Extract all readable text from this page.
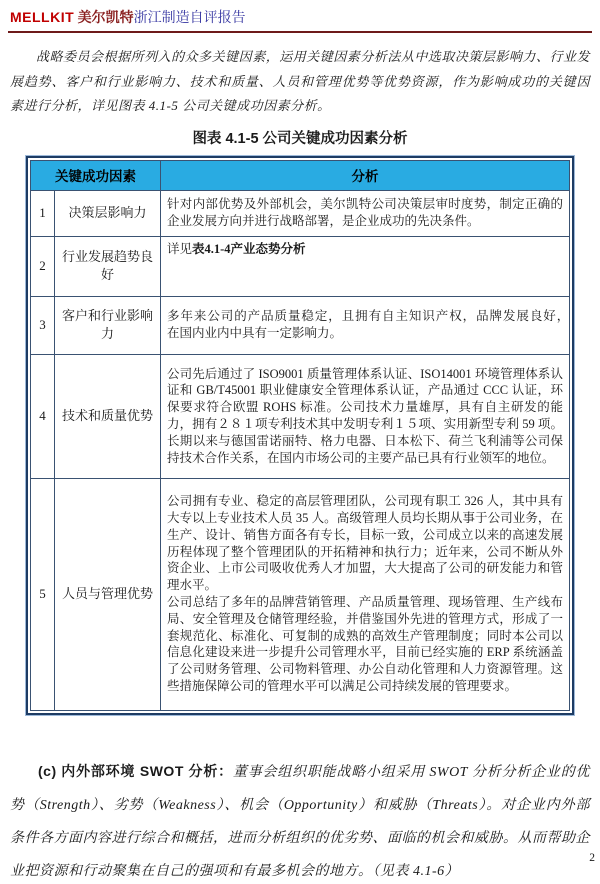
MELLKIT 美尔凯特浙江制造自评报告

战略委员会根据所列入的众多关键因素，运用关键因素分析法从中选取决策层影响力、行业发展趋势、客户和行业影响力、技术和质量、人员和管理优势等优势资源，作为影响成功的关键因素进行分析，详见图表 4.1-5 公司关键成功因素分析。

图表 4.1-5 公司关键成功因素分析
关键成功因素		分析
1	决策层影响力	针对内部优势及外部机会，美尔凯特公司决策层审时度势，制定正确的企业发展方向并进行战略部署，是企业成功的先决条件。
2	行业发展趋势良好	详见表4.1-4产业态势分析
3	客户和行业影响力	多年来公司的产品质量稳定，且拥有自主知识产权，品牌发展良好，　　在国内业内中具有一定影响力。
4	技术和质量优势	公司先后通过了 ISO9001 质量管理体系认证、ISO14001 环境管理体系认证和 GB/T45001 职业健康安全管理体系认证，产品通过 CCC 认证，环保要求符合欧盟 ROHS 标准。公司技术力量雄厚，具有自主研发的能力，拥有２８１项专利技术其中发明专利１５项、实用新型专利 59 项。长期以来与德国雷诺丽特、格力电器、日本松下、荷兰飞利浦等公司保持技术合作关系，在国内市场公司的主要产品已具有行业领军的地位。
5	人员与管理优势	公司拥有专业、稳定的高层管理团队，公司现有职工 326 人，其中具有大专以上专业技术人员 35 人。高级管理人员均长期从事于公司业务，在生产、设计、销售方面各有专长，目标一致，公司成立以来的高速发展历程体现了整个管理团队的开拓精神和执行力；近年来，公司不断从外资企业、上市公司吸收优秀人才加盟，大大提高了公司的研发能力和管理水平。
公司总结了多年的品牌营销管理、产品质量管理、现场管理、生产线布局、安全管理及仓储管理经验，并借鉴国外先进的管理方式，形成了一套规范化、标准化、可复制的成熟的高效生产管理制度；同时本公司以信息化建设来进一步提升公司管理水平，目前已经实施的 ERP 系统涵盖了公司财务管理、公司物料管理、办公自动化管理和人力资源管理。这些措施保障公司的管理水平可以满足公司持续发展的管理要求。

(c) 内外部环境 SWOT 分析：董事会组织职能战略小组采用 SWOT 分析分析企业的优势（Strength）、劣势（Weakness）、机会（Opportunity）和威胁（Threats）。对企业内外部条件各方面内容进行综合和概括，进而分析组织的优劣势、面临的机会和威胁。从而帮助企业把资源和行动聚集在自己的强项和有最多机会的地方。（见表 4.1-6）

2
